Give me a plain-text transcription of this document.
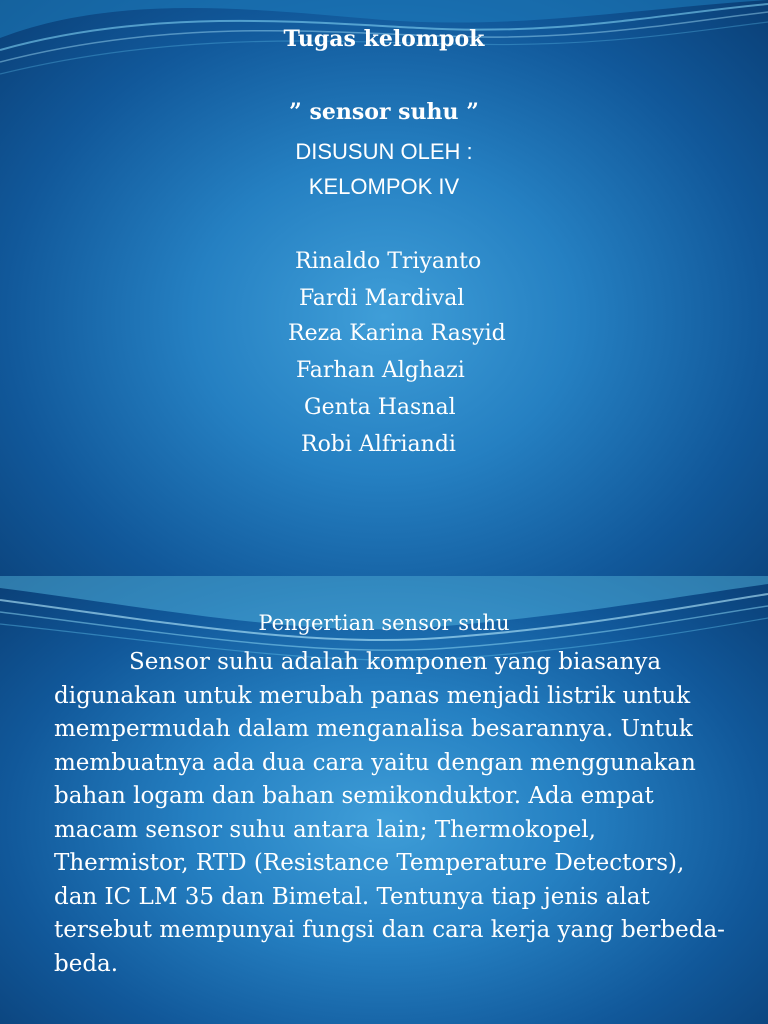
Tugas kelompok
” sensor suhu ”
DISUSUN OLEH :
KELOMPOK IV
Rinaldo Triyanto
Fardi Mardival
Reza Karina Rasyid
Farhan Alghazi
Genta Hasnal
Robi Alfriandi
Pengertian sensor suhu

Sensor suhu adalah komponen yang biasanya digunakan untuk merubah panas menjadi listrik untuk mempermudah dalam menganalisa besarannya. Untuk membuatnya ada dua cara yaitu dengan menggunakan bahan logam dan bahan semikonduktor. Ada empat macam sensor suhu antara lain; Thermokopel, Thermistor, RTD (Resistance Temperature Detectors), dan IC LM 35 dan Bimetal. Tentunya tiap jenis alat tersebut mempunyai fungsi dan cara kerja yang berbeda-beda.
